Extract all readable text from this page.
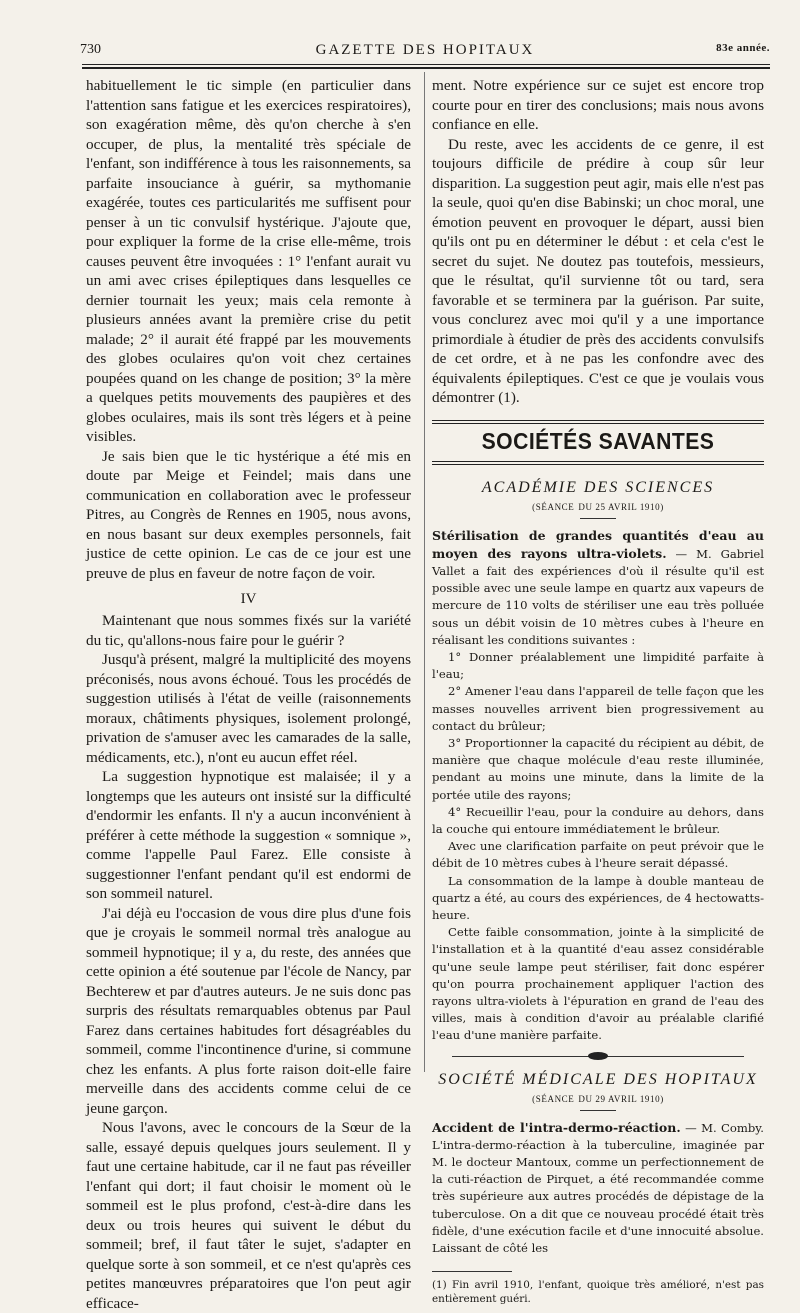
730	GAZETTE DES HOPITAUX	83e année.

habituellement le tic simple (en particulier dans l'attention sans fatigue et les exercices respiratoires), son exagération même, dès qu'on cherche à s'en occuper, de plus, la mentalité très spéciale de l'enfant, son indifférence à tous les raisonnements, sa parfaite insouciance à guérir, sa mythomanie exagérée, toutes ces particularités me suffisent pour penser à un tic convulsif hystérique. J'ajoute que, pour expliquer la forme de la crise elle-même, trois causes peuvent être invoquées : 1° l'enfant aurait vu un ami avec crises épileptiques dans lesquelles ce dernier tournait les yeux; mais cela remonte à plusieurs années avant la première crise du petit malade; 2° il aurait été frappé par les mouvements des globes oculaires qu'on voit chez certaines poupées quand on les change de position; 3° la mère a quelques petits mouvements des paupières et des globes oculaires, mais ils sont très légers et à peine visibles.

Je sais bien que le tic hystérique a été mis en doute par Meige et Feindel; mais dans une communication en collaboration avec le professeur Pitres, au Congrès de Rennes en 1905, nous avons, en nous basant sur deux exemples personnels, fait justice de cette opinion. Le cas de ce jour est une preuve de plus en faveur de notre façon de voir.

IV

Maintenant que nous sommes fixés sur la variété du tic, qu'allons-nous faire pour le guérir ?

Jusqu'à présent, malgré la multiplicité des moyens préconisés, nous avons échoué. Tous les procédés de suggestion utilisés à l'état de veille (raisonnements moraux, châtiments physiques, isolement prolongé, privation de s'amuser avec les camarades de la salle, médicaments, etc.), n'ont eu aucun effet réel.

La suggestion hypnotique est malaisée; il y a longtemps que les auteurs ont insisté sur la difficulté d'endormir les enfants. Il n'y a aucun inconvénient à préférer à cette méthode la suggestion « somnique », comme l'appelle Paul Farez. Elle consiste à suggestionner l'enfant pendant qu'il est endormi de son sommeil naturel.

J'ai déjà eu l'occasion de vous dire plus d'une fois que je croyais le sommeil normal très analogue au sommeil hypnotique; il y a, du reste, des années que cette opinion a été soutenue par l'école de Nancy, par Bechterew et par d'autres auteurs. Je ne suis donc pas surpris des résultats remarquables obtenus par Paul Farez dans certaines habitudes fort désagréables du sommeil, comme l'incontinence d'urine, si commune chez les enfants. A plus forte raison doit-elle faire merveille dans des accidents comme celui de ce jeune garçon.

Nous l'avons, avec le concours de la Sœur de la salle, essayé depuis quelques jours seulement. Il y faut une certaine habitude, car il ne faut pas réveiller l'enfant qui dort; il faut choisir le moment où le sommeil est le plus profond, c'est-à-dire dans les deux ou trois heures qui suivent le début du sommeil; bref, il faut tâter le sujet, s'adapter en quelque sorte à son sommeil, et ce n'est qu'après ces petites manœuvres préparatoires que l'on peut agir efficace-

ment. Notre expérience sur ce sujet est encore trop courte pour en tirer des conclusions; mais nous avons confiance en elle.

Du reste, avec les accidents de ce genre, il est toujours difficile de prédire à coup sûr leur disparition. La suggestion peut agir, mais elle n'est pas la seule, quoi qu'en dise Babinski; un choc moral, une émotion peuvent en provoquer le départ, aussi bien qu'ils ont pu en déterminer le début : et cela c'est le secret du sujet. Ne doutez pas toutefois, messieurs, que le résultat, qu'il survienne tôt ou tard, sera favorable et se terminera par la guérison. Par suite, vous conclurez avec moi qu'il y a une importance primordiale à étudier de près des accidents convulsifs de cet ordre, et à ne pas les confondre avec des équivalents épileptiques. C'est ce que je voulais vous démontrer (1).

SOCIÉTÉS SAVANTES
ACADÉMIE DES SCIENCES
(SÉANCE DU 25 AVRIL 1910)

Stérilisation de grandes quantités d'eau au moyen des rayons ultra-violets. — M. Gabriel Vallet a fait des expériences d'où il résulte qu'il est possible avec une seule lampe en quartz aux vapeurs de mercure de 110 volts de stériliser une eau très polluée sous un débit voisin de 10 mètres cubes à l'heure en réalisant les conditions suivantes :

1° Donner préalablement une limpidité parfaite à l'eau;

2° Amener l'eau dans l'appareil de telle façon que les masses nouvelles arrivent bien progressivement au contact du brûleur;

3° Proportionner la capacité du récipient au débit, de manière que chaque molécule d'eau reste illuminée, pendant au moins une minute, dans la limite de la portée utile des rayons;

4° Recueillir l'eau, pour la conduire au dehors, dans la couche qui entoure immédiatement le brûleur.

Avec une clarification parfaite on peut prévoir que le débit de 10 mètres cubes à l'heure serait dépassé.

La consommation de la lampe à double manteau de quartz a été, au cours des expériences, de 4 hectowatts-heure.

Cette faible consommation, jointe à la simplicité de l'installation et à la quantité d'eau assez considérable qu'une seule lampe peut stériliser, fait donc espérer qu'on pourra prochainement appliquer l'action des rayons ultra-violets à l'épuration en grand de l'eau des villes, mais à condition d'avoir au préalable clarifié l'eau d'une manière parfaite.

SOCIÉTÉ MÉDICALE DES HOPITAUX
(SÉANCE DU 29 AVRIL 1910)

Accident de l'intra-dermo-réaction. — M. Comby. L'intra-dermo-réaction à la tuberculine, imaginée par M. le docteur Mantoux, comme un perfectionnement de la cuti-réaction de Pirquet, a été recommandée comme très supérieure aux autres procédés de dépistage de la tuberculose. On a dit que ce nouveau procédé était très fidèle, d'une exécution facile et d'une innocuité absolue. Laissant de côté les

(1) Fin avril 1910, l'enfant, quoique très amélioré, n'est pas entièrement guéri.
